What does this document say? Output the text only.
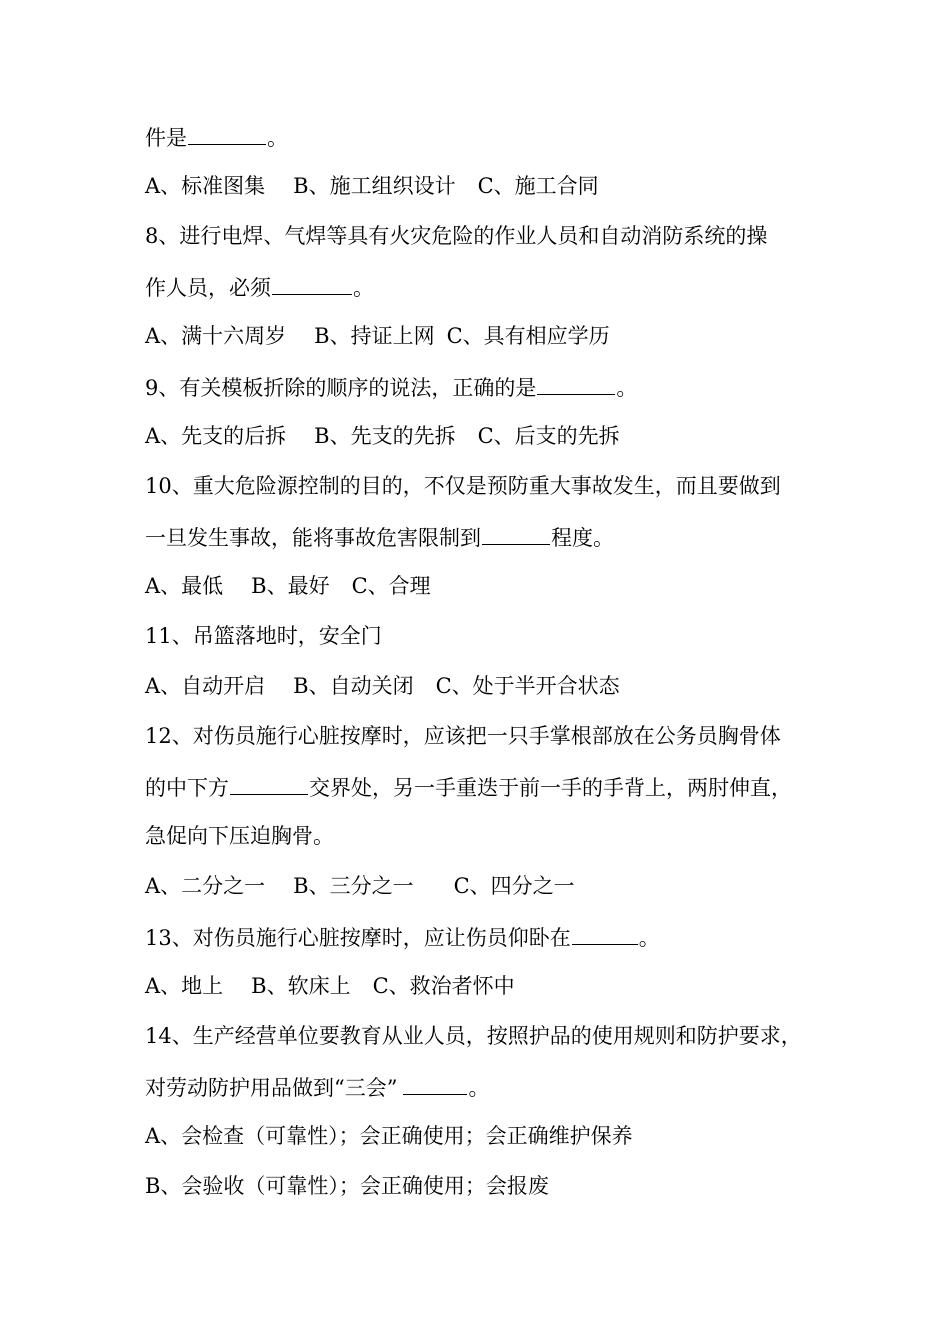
件是	。
A、标准图集 B、施工组织设计 C、施工合同
8、进行电焊、气焊等具有火灾危险的作业人员和自动消防系统的操
作人员，必须	。
A、满十六周岁 B、持证上网 C、具有相应学历
9、有关模板折除的顺序的说法，正确的是	。
A、先支的后拆 B、先支的先拆 C、后支的先拆
10、重大危险源控制的目的，不仅是预防重大事故发生，而且要做到
一旦发生事故，能将事故危害限制到	程度。
A、最低 B、最好 C、合理
11、吊篮落地时，安全门
A、自动开启 B、自动关闭 C、处于半开合状态
12、对伤员施行心脏按摩时，应该把一只手掌根部放在公务员胸骨体
的中下方	交界处，另一手重迭于前一手的手背上，两肘伸直，
急促向下压迫胸骨。
A、二分之一 B、三分之一 C、四分之一
13、对伤员施行心脏按摩时，应让伤员仰卧在	。
A、地上 B、软床上 C、救治者怀中
14、生产经营单位要教育从业人员，按照护品的使用规则和防护要求，
对劳动防护用品做到“三会”	。
A、会检查（可靠性）；会正确使用；会正确维护保养
B、会验收（可靠性）；会正确使用；会报废
